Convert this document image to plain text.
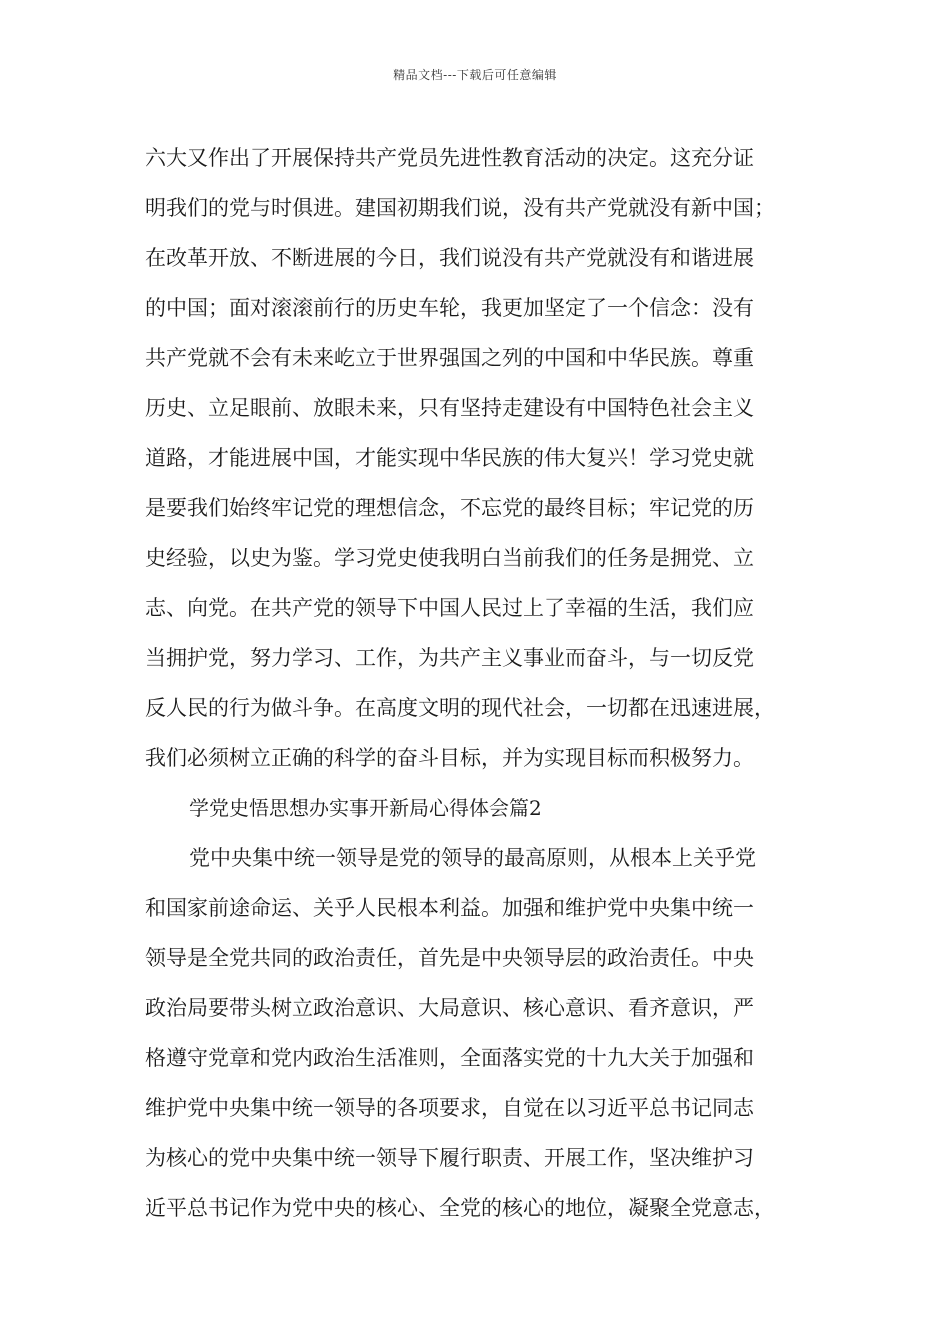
精品文档---下载后可任意编辑
六大又作出了开展保持共产党员先进性教育活动的决定。这充分证
明我们的党与时俱进。建国初期我们说，没有共产党就没有新中国；
在改革开放、不断进展的今日，我们说没有共产党就没有和谐进展
的中国；面对滚滚前行的历史车轮，我更加坚定了一个信念：没有
共产党就不会有未来屹立于世界强国之列的中国和中华民族。尊重
历史、立足眼前、放眼未来，只有坚持走建设有中国特色社会主义
道路，才能进展中国，才能实现中华民族的伟大复兴！学习党史就
是要我们始终牢记党的理想信念，不忘党的最终目标；牢记党的历
史经验，以史为鉴。学习党史使我明白当前我们的任务是拥党、立
志、向党。在共产党的领导下中国人民过上了幸福的生活，我们应
当拥护党，努力学习、工作，为共产主义事业而奋斗，与一切反党
反人民的行为做斗争。在高度文明的现代社会，一切都在迅速进展，
我们必须树立正确的科学的奋斗目标，并为实现目标而积极努力。
学党史悟思想办实事开新局心得体会篇2
党中央集中统一领导是党的领导的最高原则，从根本上关乎党
和国家前途命运、关乎人民根本利益。加强和维护党中央集中统一
领导是全党共同的政治责任，首先是中央领导层的政治责任。中央
政治局要带头树立政治意识、大局意识、核心意识、看齐意识，严
格遵守党章和党内政治生活准则，全面落实党的十九大关于加强和
维护党中央集中统一领导的各项要求，自觉在以习近平总书记同志
为核心的党中央集中统一领导下履行职责、开展工作，坚决维护习
近平总书记作为党中央的核心、全党的核心的地位，凝聚全党意志，
